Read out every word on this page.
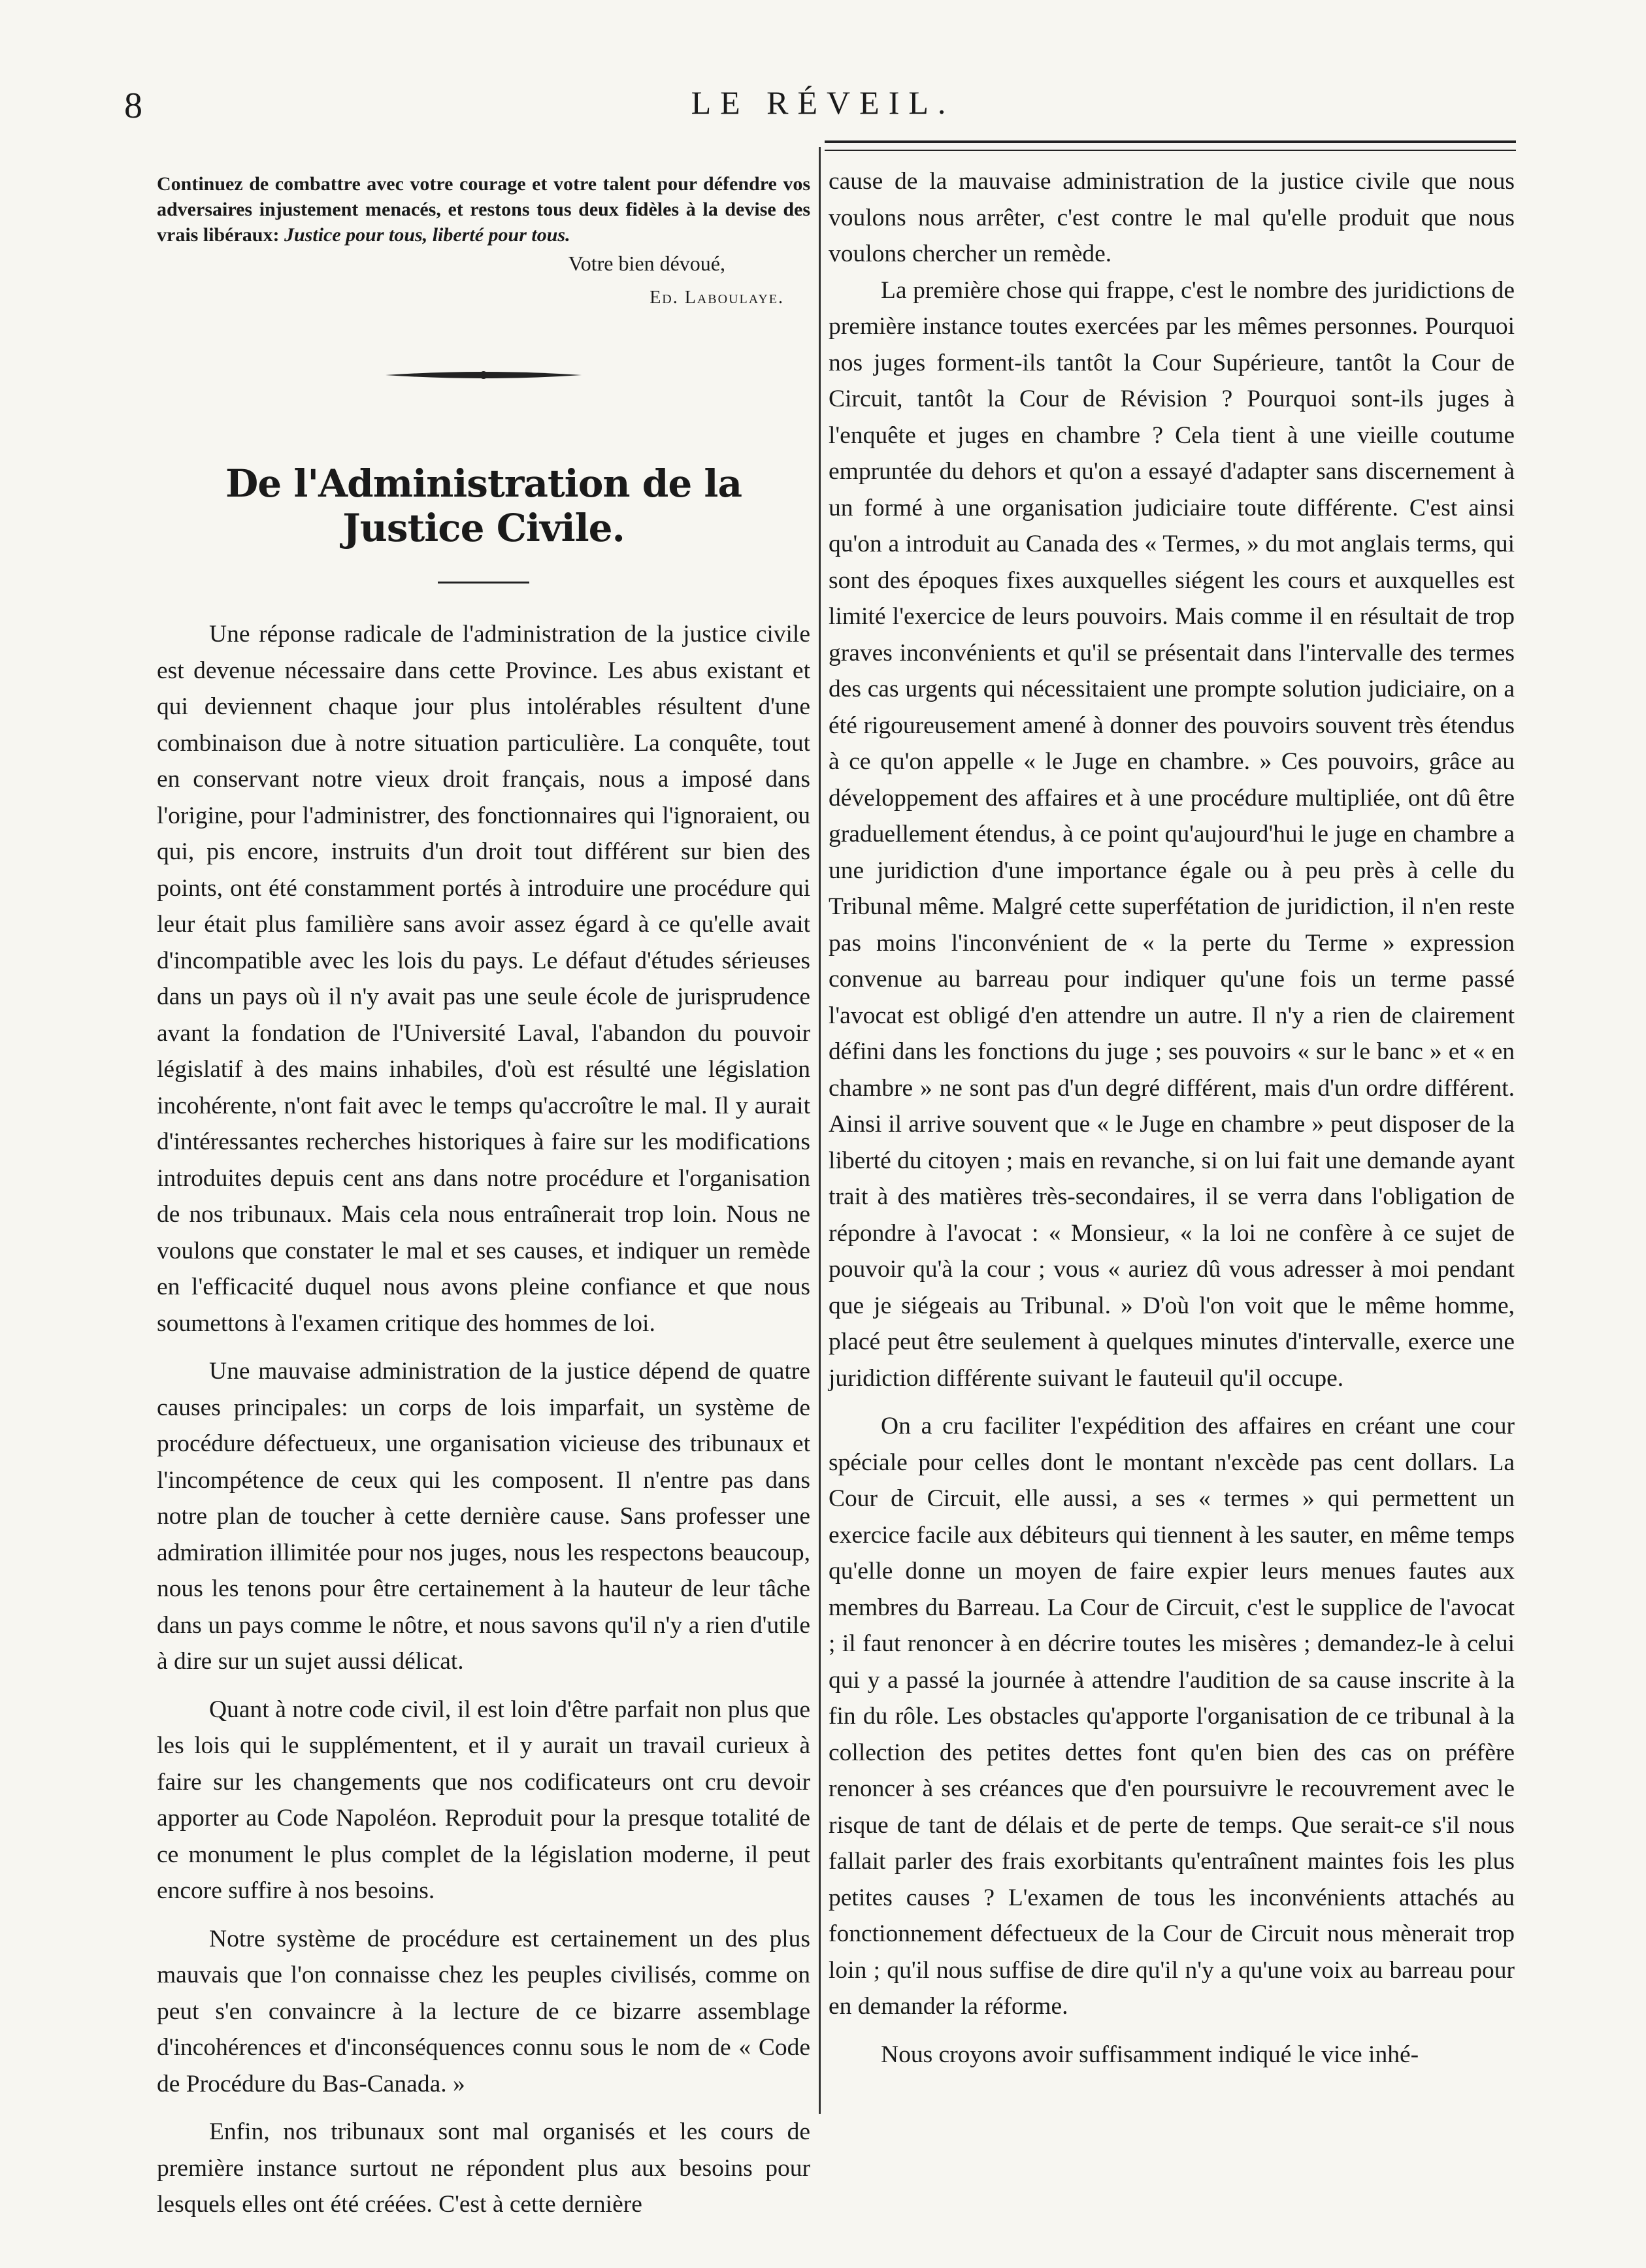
8	LE RÉVEIL.

Continuez de combattre avec votre courage et votre talent pour défendre vos adversaires injustement menacés, et restons tous deux fidèles à la devise des vrais libéraux: Justice pour tous, liberté pour tous.

Votre bien dévoué,
Ed. Laboulaye.
De l'Administration de la Justice Civile.

Une réponse radicale de l'administration de la justice civile est devenue nécessaire dans cette Province. Les abus existant et qui deviennent chaque jour plus intolérables résultent d'une combinaison due à notre situation particulière. La conquête, tout en conservant notre vieux droit français, nous a imposé dans l'origine, pour l'administrer, des fonctionnaires qui l'ignoraient, ou qui, pis encore, instruits d'un droit tout différent sur bien des points, ont été constamment portés à introduire une procédure qui leur était plus familière sans avoir assez égard à ce qu'elle avait d'incompatible avec les lois du pays. Le défaut d'études sérieuses dans un pays où il n'y avait pas une seule école de jurisprudence avant la fondation de l'Université Laval, l'abandon du pouvoir législatif à des mains inhabiles, d'où est résulté une législation incohérente, n'ont fait avec le temps qu'accroître le mal. Il y aurait d'intéressantes recherches historiques à faire sur les modifications introduites depuis cent ans dans notre procédure et l'organisation de nos tribunaux. Mais cela nous entraînerait trop loin. Nous ne voulons que constater le mal et ses causes, et indiquer un remède en l'efficacité duquel nous avons pleine confiance et que nous soumettons à l'examen critique des hommes de loi.

Une mauvaise administration de la justice dépend de quatre causes principales: un corps de lois imparfait, un système de procédure défectueux, une organisation vicieuse des tribunaux et l'incompétence de ceux qui les composent. Il n'entre pas dans notre plan de toucher à cette dernière cause. Sans professer une admiration illimitée pour nos juges, nous les respectons beaucoup, nous les tenons pour être certainement à la hauteur de leur tâche dans un pays comme le nôtre, et nous savons qu'il n'y a rien d'utile à dire sur un sujet aussi délicat.

Quant à notre code civil, il est loin d'être parfait non plus que les lois qui le supplémentent, et il y aurait un travail curieux à faire sur les changements que nos codificateurs ont cru devoir apporter au Code Napoléon. Reproduit pour la presque totalité de ce monument le plus complet de la législation moderne, il peut encore suffire à nos besoins.

Notre système de procédure est certainement un des plus mauvais que l'on connaisse chez les peuples civilisés, comme on peut s'en convaincre à la lecture de ce bizarre assemblage d'incohérences et d'inconséquences connu sous le nom de « Code de Procédure du Bas-Canada. »

Enfin, nos tribunaux sont mal organisés et les cours de première instance surtout ne répondent plus aux besoins pour lesquels elles ont été créées. C'est à cette dernière

cause de la mauvaise administration de la justice civile que nous voulons nous arrêter, c'est contre le mal qu'elle produit que nous voulons chercher un remède.

La première chose qui frappe, c'est le nombre des juridictions de première instance toutes exercées par les mêmes personnes. Pourquoi nos juges forment-ils tantôt la Cour Supérieure, tantôt la Cour de Circuit, tantôt la Cour de Révision ? Pourquoi sont-ils juges à l'enquête et juges en chambre ? Cela tient à une vieille coutume empruntée du dehors et qu'on a essayé d'adapter sans discernement à un formé à une organisation judiciaire toute différente. C'est ainsi qu'on a introduit au Canada des « Termes, » du mot anglais terms, qui sont des époques fixes auxquelles siégent les cours et auxquelles est limité l'exercice de leurs pouvoirs. Mais comme il en résultait de trop graves inconvénients et qu'il se présentait dans l'intervalle des termes des cas urgents qui nécessitaient une prompte solution judiciaire, on a été rigoureusement amené à donner des pouvoirs souvent très étendus à ce qu'on appelle « le Juge en chambre. » Ces pouvoirs, grâce au développement des affaires et à une procédure multipliée, ont dû être graduellement étendus, à ce point qu'aujourd'hui le juge en chambre a une juridiction d'une importance égale ou à peu près à celle du Tribunal même. Malgré cette superfétation de juridiction, il n'en reste pas moins l'inconvénient de « la perte du Terme » expression convenue au barreau pour indiquer qu'une fois un terme passé l'avocat est obligé d'en attendre un autre. Il n'y a rien de clairement défini dans les fonctions du juge ; ses pouvoirs « sur le banc » et « en chambre » ne sont pas d'un degré différent, mais d'un ordre différent. Ainsi il arrive souvent que « le Juge en chambre » peut disposer de la liberté du citoyen ; mais en revanche, si on lui fait une demande ayant trait à des matières très-secondaires, il se verra dans l'obligation de répondre à l'avocat : « Monsieur, « la loi ne confère à ce sujet de pouvoir qu'à la cour ; vous « auriez dû vous adresser à moi pendant que je siégeais au Tribunal. » D'où l'on voit que le même homme, placé peut être seulement à quelques minutes d'intervalle, exerce une juridiction différente suivant le fauteuil qu'il occupe.

On a cru faciliter l'expédition des affaires en créant une cour spéciale pour celles dont le montant n'excède pas cent dollars. La Cour de Circuit, elle aussi, a ses « termes » qui permettent un exercice facile aux débiteurs qui tiennent à les sauter, en même temps qu'elle donne un moyen de faire expier leurs menues fautes aux membres du Barreau. La Cour de Circuit, c'est le supplice de l'avocat ; il faut renoncer à en décrire toutes les misères ; demandez-le à celui qui y a passé la journée à attendre l'audition de sa cause inscrite à la fin du rôle. Les obstacles qu'apporte l'organisation de ce tribunal à la collection des petites dettes font qu'en bien des cas on préfère renoncer à ses créances que d'en poursuivre le recouvrement avec le risque de tant de délais et de perte de temps. Que serait-ce s'il nous fallait parler des frais exorbitants qu'entraînent maintes fois les plus petites causes ? L'examen de tous les inconvénients attachés au fonctionnement défectueux de la Cour de Circuit nous mènerait trop loin ; qu'il nous suffise de dire qu'il n'y a qu'une voix au barreau pour en demander la réforme.

Nous croyons avoir suffisamment indiqué le vice inhé-
